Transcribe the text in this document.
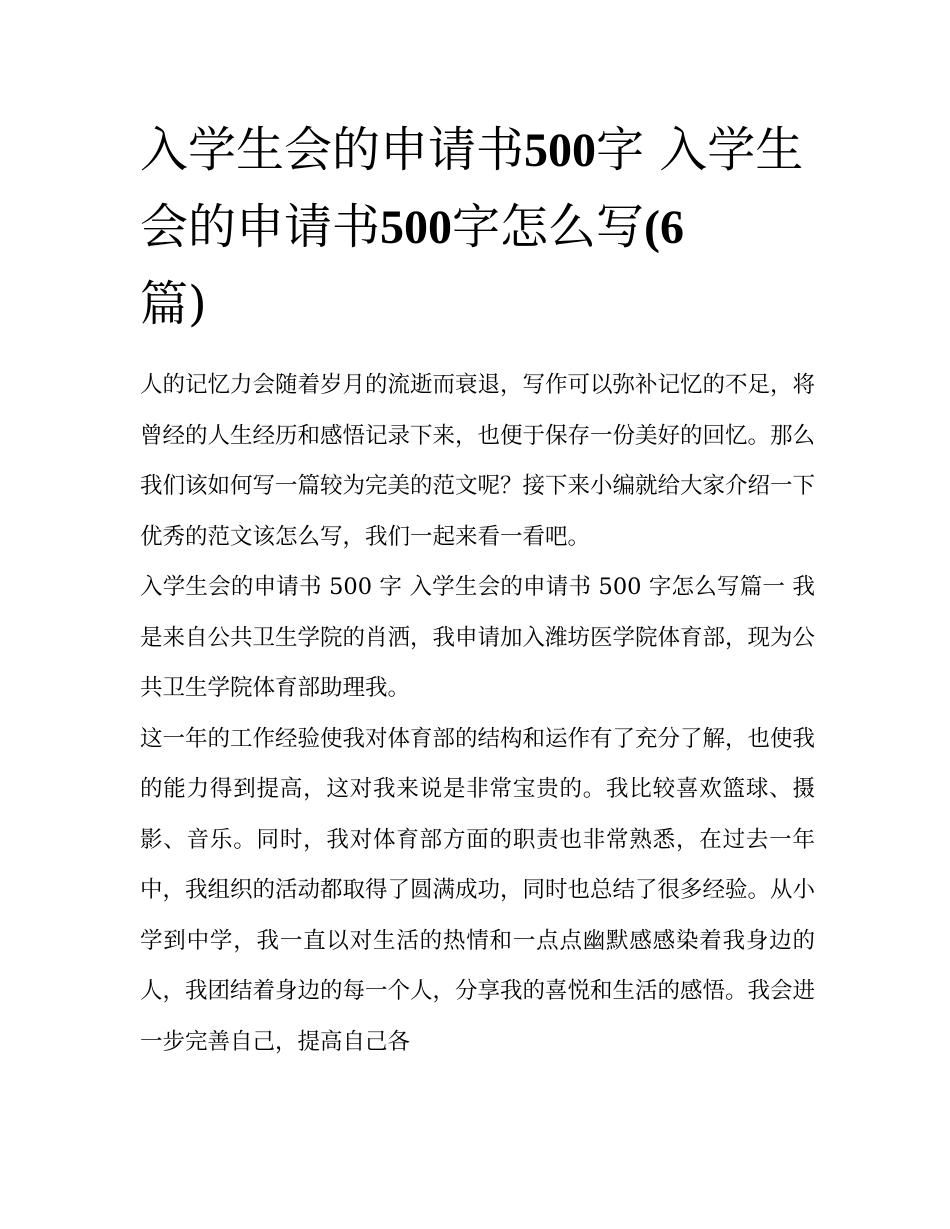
入学生会的申请书500字 入学生会的申请书500字怎么写(6
篇)

人的记忆力会随着岁月的流逝而衰退，写作可以弥补记忆的不足，将曾经的人生经历和感悟记录下来，也便于保存一份美好的回忆。那么我们该如何写一篇较为完美的范文呢？接下来小编就给大家介绍一下优秀的范文该怎么写，我们一起来看一看吧。

入学生会的申请书 500 字 入学生会的申请书 500 字怎么写篇一 我是来自公共卫生学院的肖洒，我申请加入潍坊医学院体育部，现为公共卫生学院体育部助理我。

这一年的工作经验使我对体育部的结构和运作有了充分了解，也使我的能力得到提高，这对我来说是非常宝贵的。我比较喜欢篮球、摄影、音乐。同时，我对体育部方面的职责也非常熟悉，在过去一年中，我组织的活动都取得了圆满成功，同时也总结了很多经验。从小学到中学，我一直以对生活的热情和一点点幽默感感染着我身边的人，我团结着身边的每一个人，分享我的喜悦和生活的感悟。我会进一步完善自己，提高自己各
